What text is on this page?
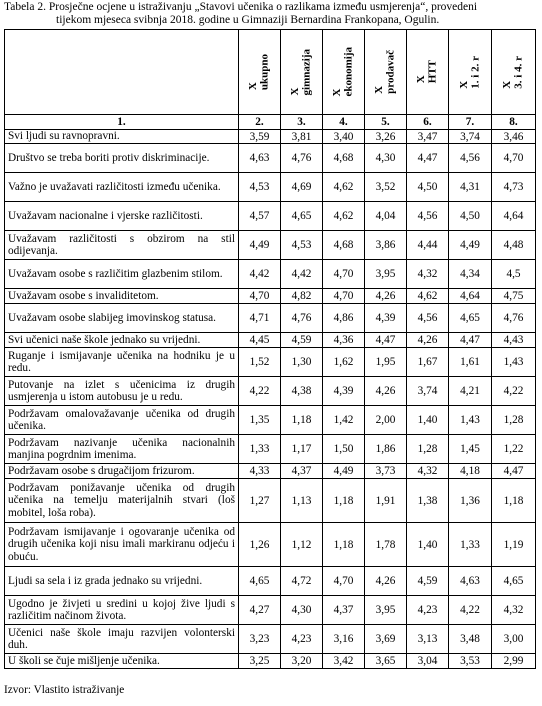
Tabela 2. Prosječne ocjene u istraživanju „Stavovi učenika o razlikama između usmjerenja“, provedeni
tijekom mjeseca svibnja 2018. godine u Gimnaziji Bernardina Frankopana, Ogulin.

	X ukupno	X gimnazija	X ekonomija	X prodavač	X HTT	X 1. i 2. r	X 3. i 4. r

1.	2.	3.	4.	5.	6.	7.	8.
Svi ljudi su ravnopravni.	3,59	3,81	3,40	3,26	3,47	3,74	3,46
Društvo se treba boriti protiv diskriminacije.	4,63	4,76	4,68	4,30	4,47	4,56	4,70
Važno je uvažavati različitosti između učenika.	4,53	4,69	4,62	3,52	4,50	4,31	4,73
Uvažavam nacionalne i vjerske različitosti.	4,57	4,65	4,62	4,04	4,56	4,50	4,64
Uvažavam različitosti s obzirom na stil odijevanja.	4,49	4,53	4,68	3,86	4,44	4,49	4,48
Uvažavam osobe s različitim glazbenim stilom.	4,42	4,42	4,70	3,95	4,32	4,34	4,5
Uvažavam osobe s invaliditetom.	4,70	4,82	4,70	4,26	4,62	4,64	4,75
Uvažavam osobe slabijeg imovinskog statusa.	4,71	4,76	4,86	4,39	4,56	4,65	4,76
Svi učenici naše škole jednako su vrijedni.	4,45	4,59	4,36	4,47	4,26	4,47	4,43
Ruganje i ismijavanje učenika na hodniku je u redu.	1,52	1,30	1,62	1,95	1,67	1,61	1,43
Putovanje na izlet s učenicima iz drugih usmjerenja u istom autobusu je u redu.	4,22	4,38	4,39	4,26	3,74	4,21	4,22
Podržavam omalovažavanje učenika od drugih učenika.	1,35	1,18	1,42	2,00	1,40	1,43	1,28
Podržavam nazivanje učenika nacionalnih manjina pogrdnim imenima.	1,33	1,17	1,50	1,86	1,28	1,45	1,22
Podržavam osobe s drugačijom frizurom.	4,33	4,37	4,49	3,73	4,32	4,18	4,47
Podržavam ponižavanje učenika od drugih učenika na temelju materijalnih stvari (loš mobitel, loša roba).	1,27	1,13	1,18	1,91	1,38	1,36	1,18
Podržavam ismijavanje i ogovaranje učenika od drugih učenika koji nisu imali markiranu odjeću i obuću.	1,26	1,12	1,18	1,78	1,40	1,33	1,19
Ljudi sa sela i iz grada jednako su vrijedni.	4,65	4,72	4,70	4,26	4,59	4,63	4,65
Ugodno je živjeti u sredini u kojoj žive ljudi s različitim načinom života.	4,27	4,30	4,37	3,95	4,23	4,22	4,32
Učenici naše škole imaju razvijen volonterski duh.	3,23	4,23	3,16	3,69	3,13	3,48	3,00
U školi se čuje mišljenje učenika.	3,25	3,20	3,42	3,65	3,04	3,53	2,99
Izvor: Vlastito istraživanje
